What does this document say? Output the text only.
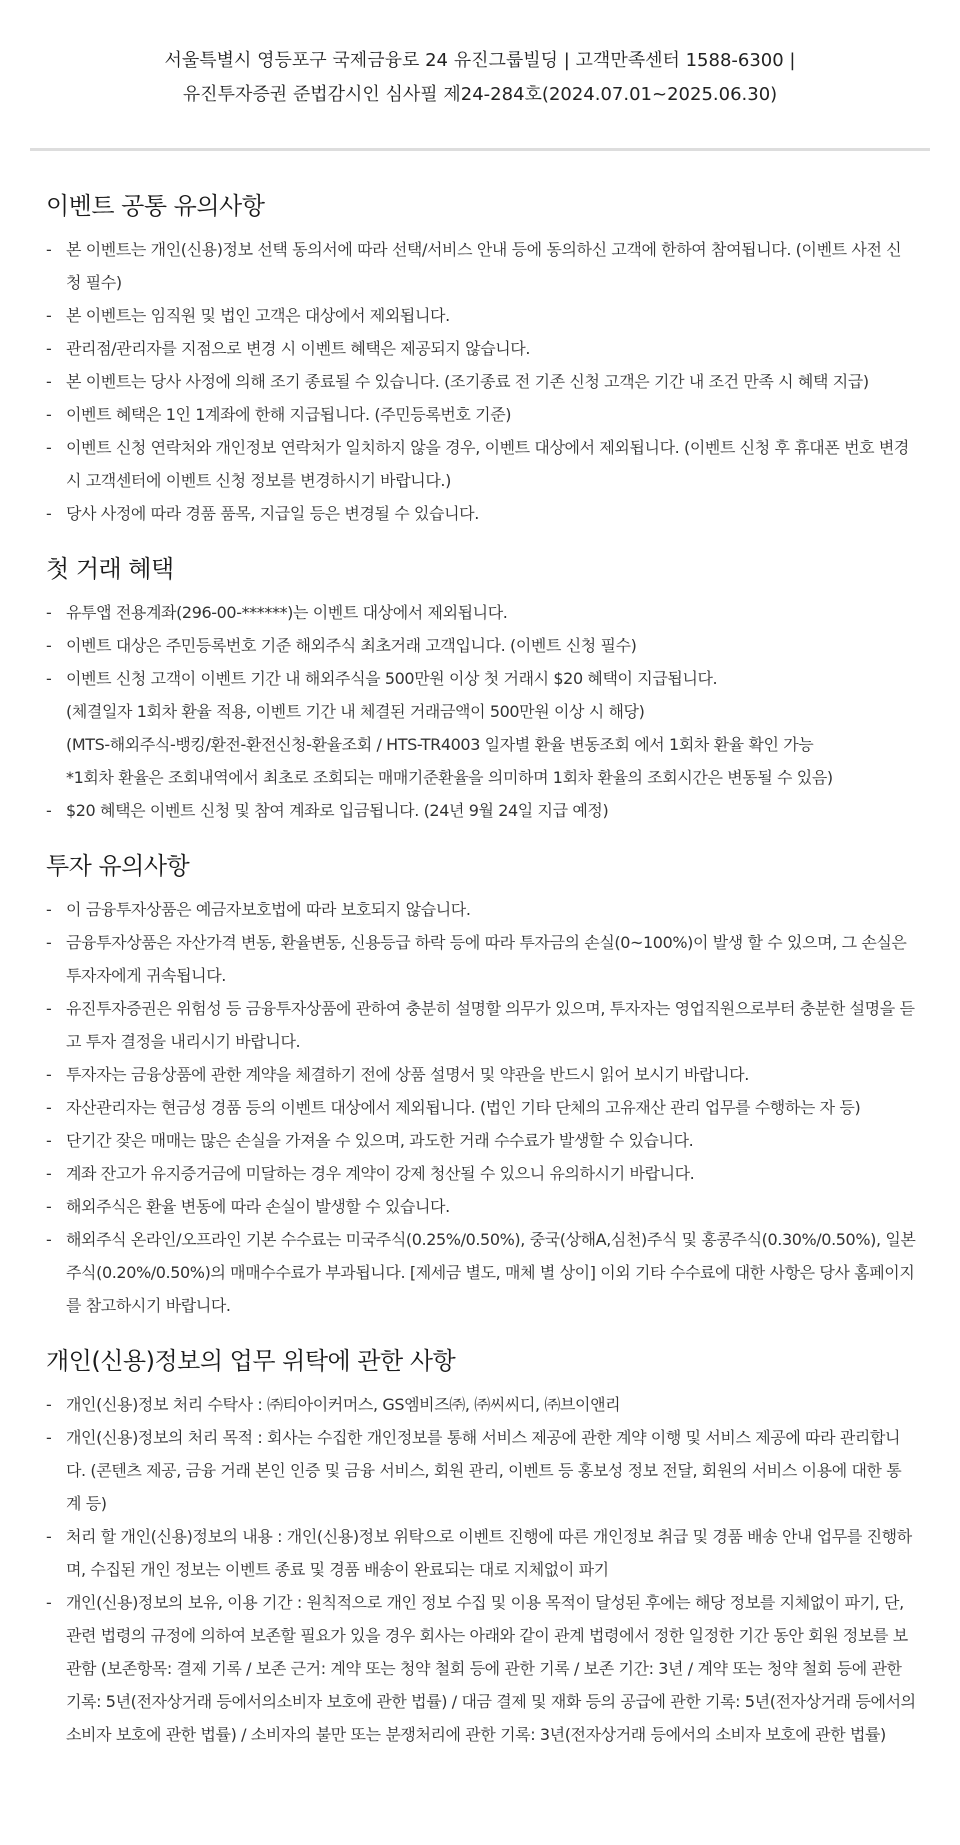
서울특별시 영등포구 국제금융로 24 유진그룹빌딩 | 고객만족센터 1588-6300 |
유진투자증권 준법감시인 심사필 제24-284호(2024.07.01~2025.06.30)
이벤트 공통 유의사항
- 본 이벤트는 개인(신용)정보 선택 동의서에 따라 선택/서비스 안내 등에 동의하신 고객에 한하여 참여됩니다. (이벤트 사전 신청 필수)
- 본 이벤트는 임직원 및 법인 고객은 대상에서 제외됩니다.
- 관리점/관리자를 지점으로 변경 시 이벤트 혜택은 제공되지 않습니다.
- 본 이벤트는 당사 사정에 의해 조기 종료될 수 있습니다. (조기종료 전 기존 신청 고객은 기간 내 조건 만족 시 혜택 지급)
- 이벤트 혜택은 1인 1계좌에 한해 지급됩니다. (주민등록번호 기준)
- 이벤트 신청 연락처와 개인정보 연락처가 일치하지 않을 경우, 이벤트 대상에서 제외됩니다. (이벤트 신청 후 휴대폰 번호 변경 시 고객센터에 이벤트 신청 정보를 변경하시기 바랍니다.)
- 당사 사정에 따라 경품 품목, 지급일 등은 변경될 수 있습니다.
첫 거래 혜택
- 유투앱 전용계좌(296-00-******)는 이벤트 대상에서 제외됩니다.
- 이벤트 대상은 주민등록번호 기준 해외주식 최초거래 고객입니다. (이벤트 신청 필수)
- 이벤트 신청 고객이 이벤트 기간 내 해외주식을 500만원 이상 첫 거래시 $20 혜택이 지급됩니다.
(체결일자 1회차 환율 적용, 이벤트 기간 내 체결된 거래금액이 500만원 이상 시 해당)
(MTS-해외주식-뱅킹/환전-환전신청-환율조회 / HTS-TR4003 일자별 환율 변동조회 에서 1회차 환율 확인 가능
*1회차 환율은 조회내역에서 최초로 조회되는 매매기준환율을 의미하며 1회차 환율의 조회시간은 변동될 수 있음)
- $20 혜택은 이벤트 신청 및 참여 계좌로 입금됩니다. (24년 9월 24일 지급 예정)
투자 유의사항
- 이 금융투자상품은 예금자보호법에 따라 보호되지 않습니다.
- 금융투자상품은 자산가격 변동, 환율변동, 신용등급 하락 등에 따라 투자금의 손실(0~100%)이 발생 할 수 있으며, 그 손실은 투자자에게 귀속됩니다.
- 유진투자증권은 위험성 등 금융투자상품에 관하여 충분히 설명할 의무가 있으며, 투자자는 영업직원으로부터 충분한 설명을 듣고 투자 결정을 내리시기 바랍니다.
- 투자자는 금융상품에 관한 계약을 체결하기 전에 상품 설명서 및 약관을 반드시 읽어 보시기 바랍니다.
- 자산관리자는 현금성 경품 등의 이벤트 대상에서 제외됩니다. (법인 기타 단체의 고유재산 관리 업무를 수행하는 자 등)
- 단기간 잦은 매매는 많은 손실을 가져올 수 있으며, 과도한 거래 수수료가 발생할 수 있습니다.
- 계좌 잔고가 유지증거금에 미달하는 경우 계약이 강제 청산될 수 있으니 유의하시기 바랍니다.
- 해외주식은 환율 변동에 따라 손실이 발생할 수 있습니다.
- 해외주식 온라인/오프라인 기본 수수료는 미국주식(0.25%/0.50%), 중국(상해A,심천)주식 및 홍콩주식(0.30%/0.50%), 일본주식(0.20%/0.50%)의 매매수수료가 부과됩니다. [제세금 별도, 매체 별 상이] 이외 기타 수수료에 대한 사항은 당사 홈페이지를 참고하시기 바랍니다.
개인(신용)정보의 업무 위탁에 관한 사항
- 개인(신용)정보 처리 수탁사 : ㈜티아이커머스, GS엠비즈㈜, ㈜씨씨디, ㈜브이앤리
- 개인(신용)정보의 처리 목적 : 회사는 수집한 개인정보를 통해 서비스 제공에 관한 계약 이행 및 서비스 제공에 따라 관리합니다. (콘텐츠 제공, 금융 거래 본인 인증 및 금융 서비스, 회원 관리, 이벤트 등 홍보성 정보 전달, 회원의 서비스 이용에 대한 통계 등)
- 처리 할 개인(신용)정보의 내용 : 개인(신용)정보 위탁으로 이벤트 진행에 따른 개인정보 취급 및 경품 배송 안내 업무를 진행하며, 수집된 개인 정보는 이벤트 종료 및 경품 배송이 완료되는 대로 지체없이 파기
- 개인(신용)정보의 보유, 이용 기간 : 원칙적으로 개인 정보 수집 및 이용 목적이 달성된 후에는 해당 정보를 지체없이 파기, 단, 관련 법령의 규정에 의하여 보존할 필요가 있을 경우 회사는 아래와 같이 관계 법령에서 정한 일정한 기간 동안 회원 정보를 보관함 (보존항목: 결제 기록 / 보존 근거: 계약 또는 청약 철회 등에 관한 기록 / 보존 기간: 3년 / 계약 또는 청약 철회 등에 관한 기록: 5년(전자상거래 등에서의소비자 보호에 관한 법률) / 대금 결제 및 재화 등의 공급에 관한 기록: 5년(전자상거래 등에서의 소비자 보호에 관한 법률) / 소비자의 불만 또는 분쟁처리에 관한 기록: 3년(전자상거래 등에서의 소비자 보호에 관한 법률)
